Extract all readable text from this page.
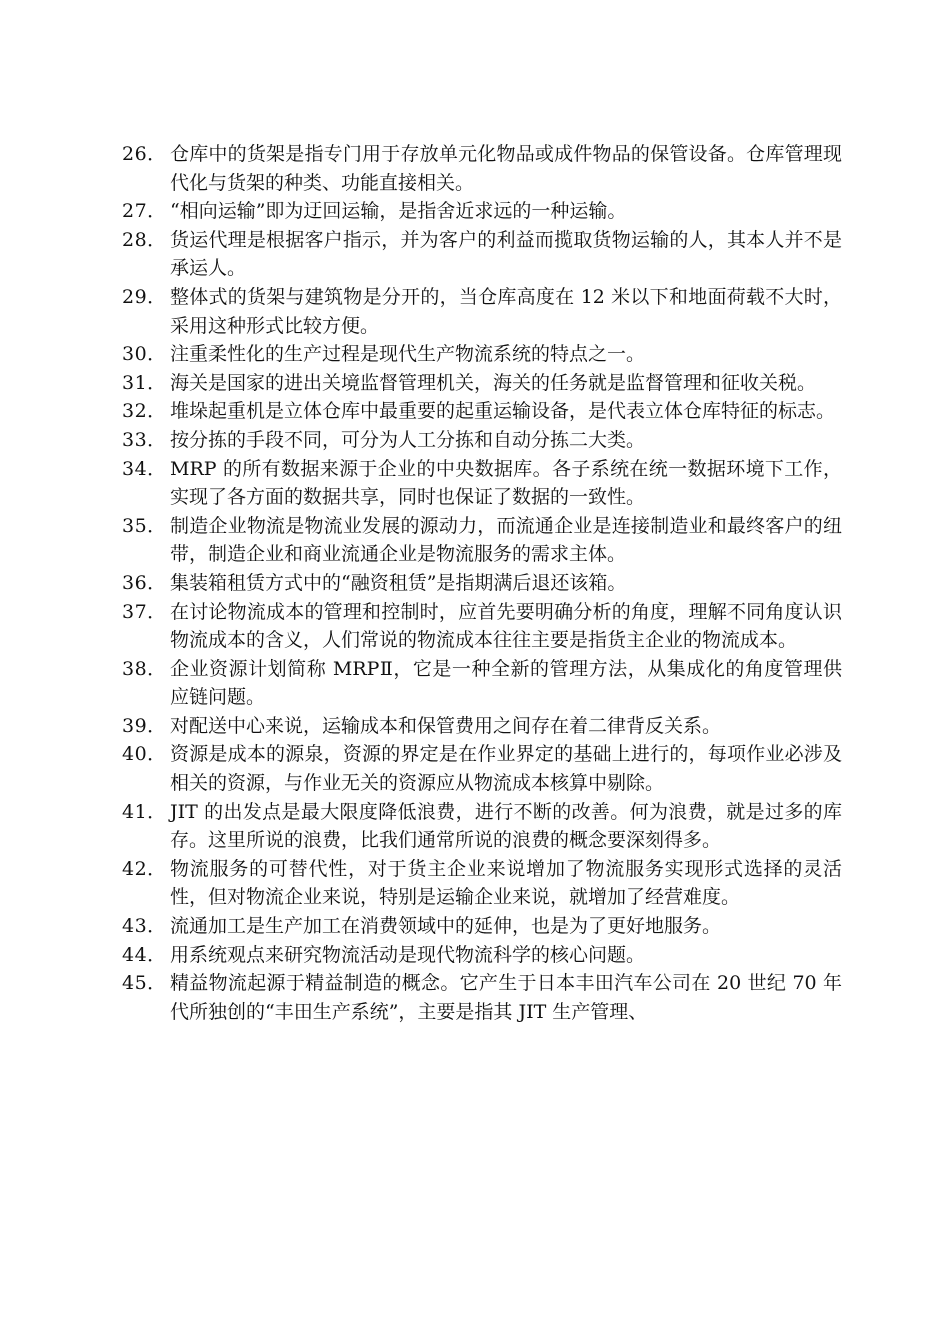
26． 仓库中的货架是指专门用于存放单元化物品或成件物品的保管设备。仓库管理现代化与货架的种类、功能直接相关。
27． “相向运输”即为迂回运输，是指舍近求远的一种运输。
28． 货运代理是根据客户指示，并为客户的利益而揽取货物运输的人，其本人并不是承运人。
29． 整体式的货架与建筑物是分开的，当仓库高度在 12 米以下和地面荷载不大时，采用这种形式比较方便。
30． 注重柔性化的生产过程是现代生产物流系统的特点之一。
31． 海关是国家的进出关境监督管理机关，海关的任务就是监督管理和征收关税。
32． 堆垛起重机是立体仓库中最重要的起重运输设备，是代表立体仓库特征的标志。
33． 按分拣的手段不同，可分为人工分拣和自动分拣二大类。
34． MRP 的所有数据来源于企业的中央数据库。各子系统在统一数据环境下工作，实现了各方面的数据共享，同时也保证了数据的一致性。
35． 制造企业物流是物流业发展的源动力，而流通企业是连接制造业和最终客户的纽带，制造企业和商业流通企业是物流服务的需求主体。
36． 集装箱租赁方式中的“融资租赁”是指期满后退还该箱。
37． 在讨论物流成本的管理和控制时，应首先要明确分析的角度，理解不同角度认识物流成本的含义，人们常说的物流成本往往主要是指货主企业的物流成本。
38． 企业资源计划简称 MRPⅡ，它是一种全新的管理方法，从集成化的角度管理供应链问题。
39． 对配送中心来说，运输成本和保管费用之间存在着二律背反关系。
40． 资源是成本的源泉，资源的界定是在作业界定的基础上进行的，每项作业必涉及相关的资源，与作业无关的资源应从物流成本核算中剔除。
41． JIT 的出发点是最大限度降低浪费，进行不断的改善。何为浪费，就是过多的库存。这里所说的浪费，比我们通常所说的浪费的概念要深刻得多。
42． 物流服务的可替代性，对于货主企业来说增加了物流服务实现形式选择的灵活性，但对物流企业来说，特别是运输企业来说，就增加了经营难度。
43． 流通加工是生产加工在消费领域中的延伸，也是为了更好地服务。
44． 用系统观点来研究物流活动是现代物流科学的核心问题。
45． 精益物流起源于精益制造的概念。它产生于日本丰田汽车公司在 20 世纪 70 年代所独创的“丰田生产系统”，主要是指其 JIT 生产管理、
